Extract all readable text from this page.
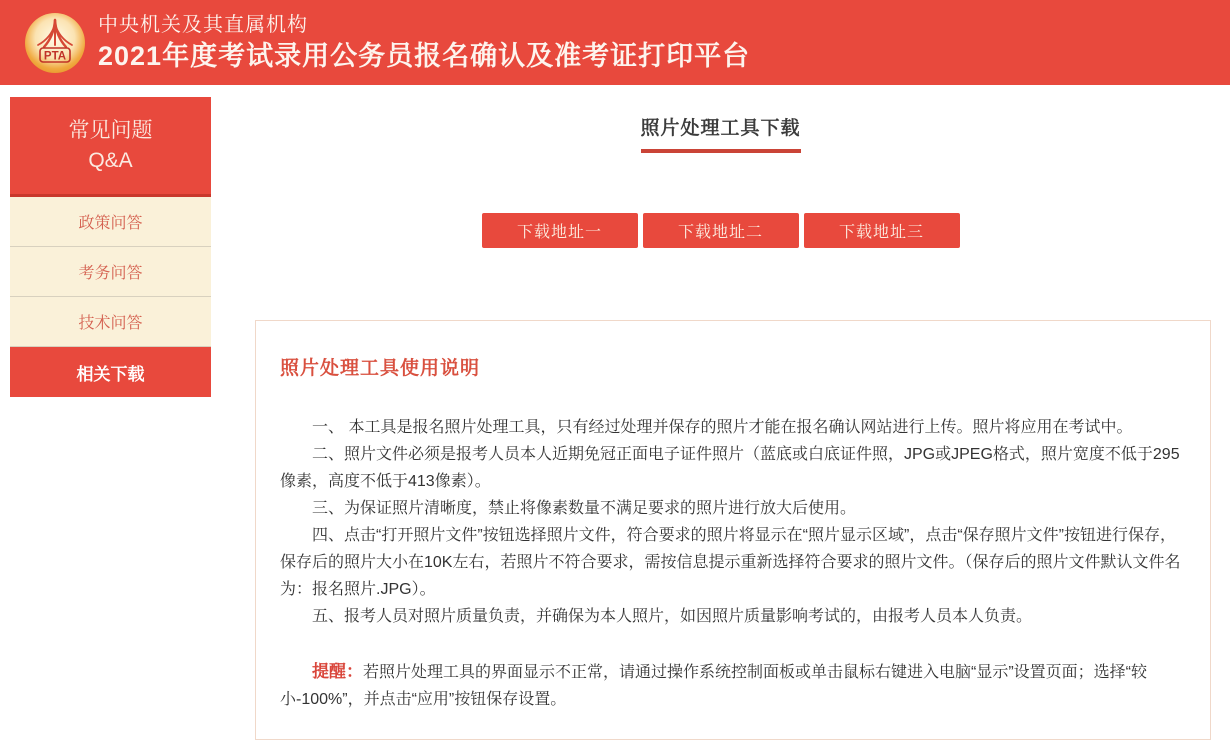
PTA
中央机关及其直属机构
2021年度考试录用公务员报名确认及准考证打印平台
常见问题
Q&A
政策问答
考务问答
技术问答
相关下载
照片处理工具下载
下载地址一	下载地址二	下载地址三
照片处理工具使用说明

一、 本工具是报名照片处理工具，只有经过处理并保存的照片才能在报名确认网站进行上传。照片将应用在考试中。

二、照片文件必须是报考人员本人近期免冠正面电子证件照片（蓝底或白底证件照，JPG或JPEG格式，照片宽度不低于295像素，高度不低于413像素）。

三、为保证照片清晰度，禁止将像素数量不满足要求的照片进行放大后使用。

四、点击“打开照片文件”按钮选择照片文件，符合要求的照片将显示在“照片显示区域”，点击“保存照片文件”按钮进行保存，保存后的照片大小在10K左右，若照片不符合要求，需按信息提示重新选择符合要求的照片文件。（保存后的照片文件默认文件名为：报名照片.JPG）。

五、报考人员对照片质量负责，并确保为本人照片，如因照片质量影响考试的，由报考人员本人负责。

提醒：若照片处理工具的界面显示不正常，请通过操作系统控制面板或单击鼠标右键进入电脑“显示”设置页面；选择“较小-100%”，并点击“应用”按钮保存设置。
